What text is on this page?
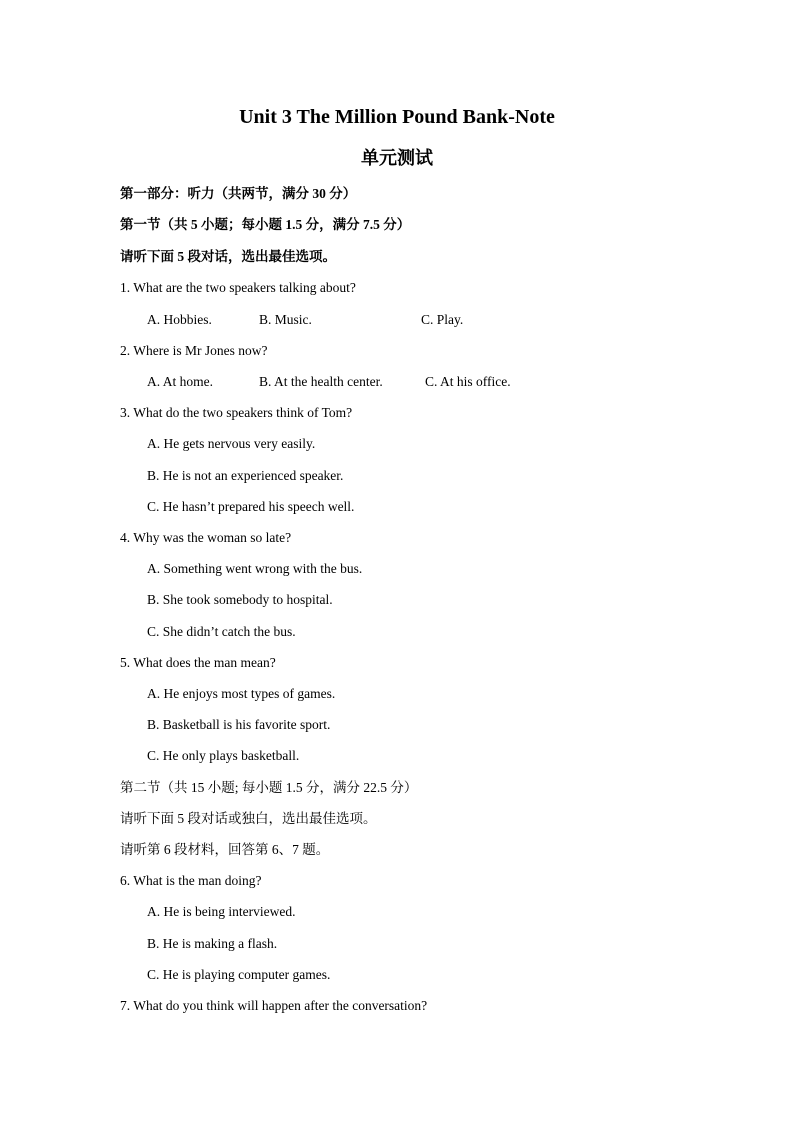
Unit 3 The Million Pound Bank-Note
单元测试
第一部分：听力（共两节，满分 30 分）
第一节（共 5 小题；每小题 1.5 分，满分 7.5 分）
请听下面 5 段对话，选出最佳选项。
1. What are the two speakers talking about?
A. Hobbies.	B. Music.	C. Play.
2. Where is Mr Jones now?
A. At home.	B. At the health center.	C. At his office.
3. What do the two speakers think of Tom?
A. He gets nervous very easily.
B. He is not an experienced speaker.
C. He hasn’t prepared his speech well.
4. Why was the woman so late?
A. Something went wrong with the bus.
B. She took somebody to hospital.
C. She didn’t catch the bus.
5. What does the man mean?
A. He enjoys most types of games.
B. Basketball is his favorite sport.
C. He only plays basketball.
第二节（共 15 小题; 每小题 1.5 分，满分 22.5 分）
请听下面 5 段对话或独白，选出最佳选项。
请听第 6 段材料，回答第 6、7 题。
6. What is the man doing?
A. He is being interviewed.
B. He is making a flash.
C. He is playing computer games.
7. What do you think will happen after the conversation?
